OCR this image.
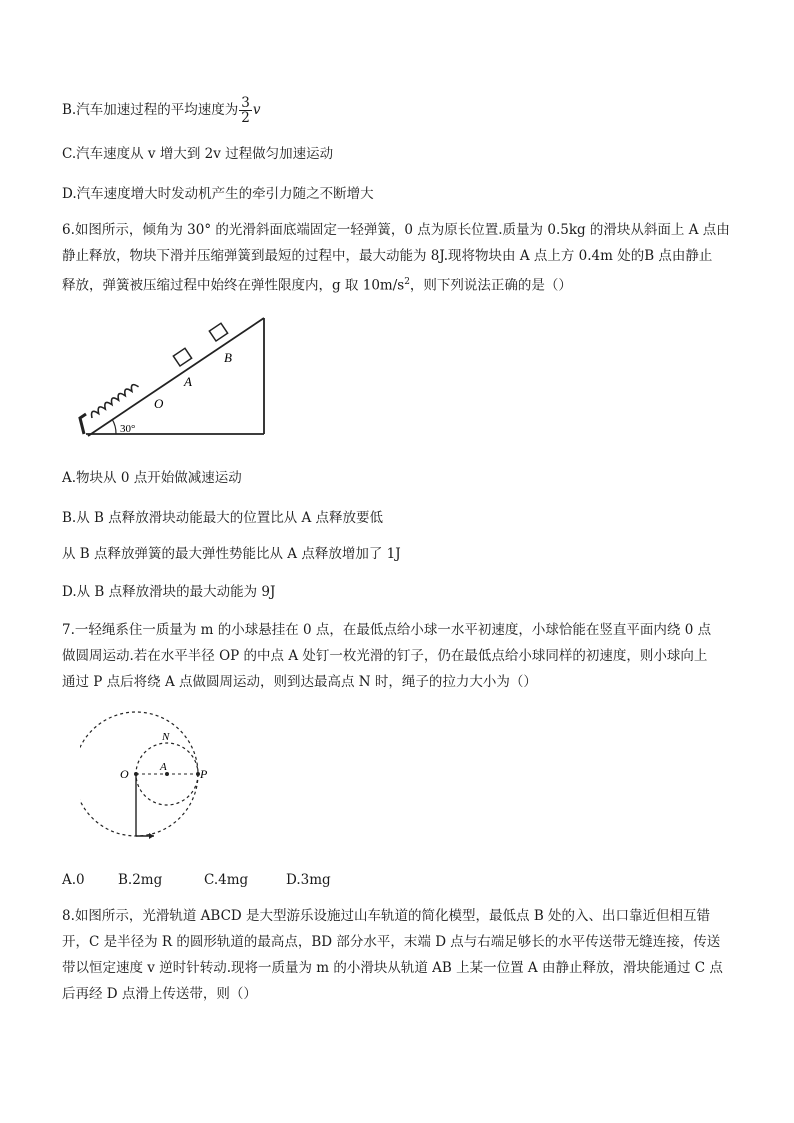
B.汽车加速过程的平均速度为 $\frac{3}{2}$ v
C.汽车速度从 v 增大到 2v 过程做匀加速运动
D.汽车速度增大时发动机产生的牵引力随之不断增大
6.如图所示，倾角为 30° 的光滑斜面底端固定一轻弹簧，0 点为原长位置.质量为 0.5kg 的滑块从斜面上 A 点由
静止释放，物块下滑并压缩弹簧到最短的过程中，最大动能为 8J.现将物块由 A 点上方 0.4m 处的B 点由静止
释放，弹簧被压缩过程中始终在弹性限度内，g 取 $10m/s^2$，则下列说法正确的是（）
O
A
B
30°
A.物块从 0 点开始做减速运动
B.从 B 点释放滑块动能最大的位置比从 A 点释放要低
从 B 点释放弹簧的最大弹性势能比从 A 点释放增加了 1J
D.从 B 点释放滑块的最大动能为 9J
7.一轻绳系住一质量为 m 的小球悬挂在 0 点，在最低点给小球一水平初速度，小球恰能在竖直平面内绕 0 点
做圆周运动.若在水平半径 OP 的中点 A 处钉一枚光滑的钉子，仍在最低点给小球同样的初速度，则小球向上
通过 P 点后将绕 A 点做圆周运动，则到达最高点 N 时，绳子的拉力大小为（）
O	A	P
N
A.0 B.2mg	C.4mg	D.3mg
8.如图所示，光滑轨道 ABCD 是大型游乐设施过山车轨道的简化模型，最低点 B 处的入、出口靠近但相互错
开，C 是半径为 R 的圆形轨道的最高点，BD 部分水平，末端 D 点与右端足够长的水平传送带无缝连接，传送
带以恒定速度 v 逆时针转动.现将一质量为 m 的小滑块从轨道 AB 上某一位置 A 由静止释放，滑块能通过 C 点
后再经 D 点滑上传送带，则（）
